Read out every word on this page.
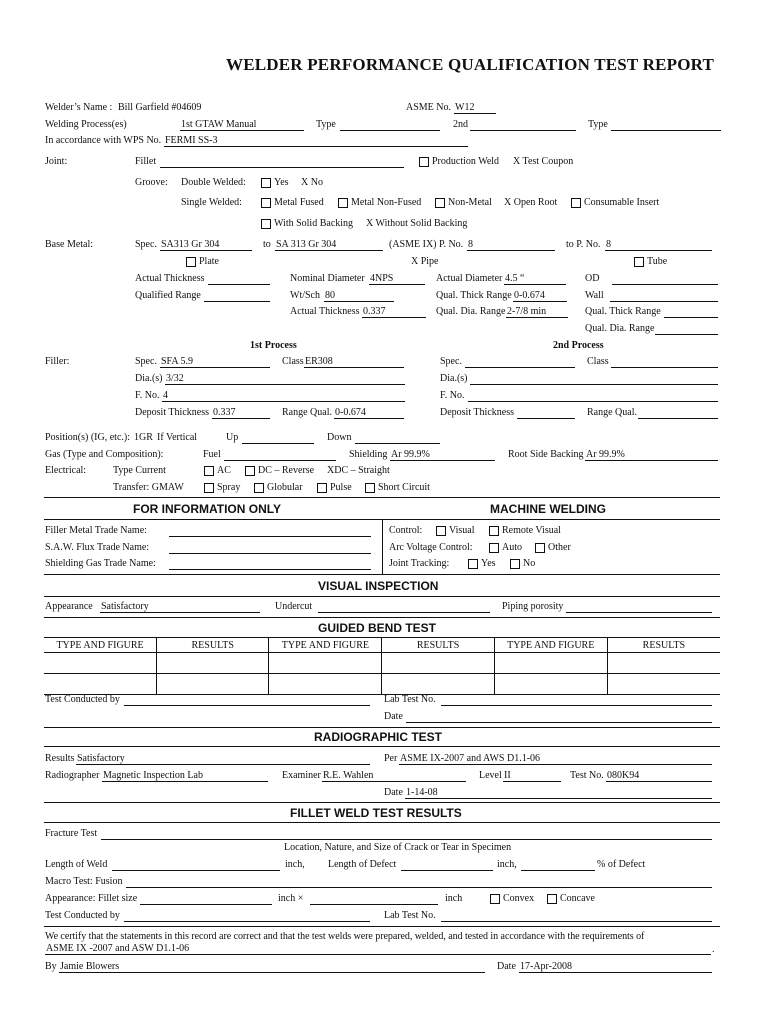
WELDER PERFORMANCE QUALIFICATION TEST REPORT
Welder’s Name : Bill Garfield #04609	ASME No. W12
Welding Process(es)	1st GTAW Manual	Type	2nd	Type
In accordance with WPS No. FERMI SS-3
Joint:	Fillet	Production Weld X Test Coupon
Groove: Double Welded:	Yes X No
Single Welded:	Metal Fused	Metal Non-Fused	Non-Metal X Open Root	Consumable Insert
With Solid Backing X Without Solid Backing
Base Metal:	Spec. SA313 Gr 304	to SA 313 Gr 304	(ASME IX) P. No. 8	to P. No. 8
Plate	X Pipe	Tube
Actual Thickness	Nominal Diameter 4NPS	Actual Diameter 4.5 “	OD
Qualified Range	Wt/Sch 80	Qual. Thick Range 0-0.674	Wall
Actual Thickness 0.337	Qual. Dia. Range 2-7/8 min	Qual. Thick Range
Qual. Dia. Range
1st Process	2nd Process
Filler:	Spec. SFA 5.9	Class ER308	Spec.	Class
Dia.(s) 3/32	Dia.(s)
F. No. 4	F. No.
Deposit Thickness 0.337	Range Qual. 0-0.674	Deposit Thickness	Range Qual.
Position(s) (IG, etc.): 1GR If Vertical	Up	Down
Gas (Type and Composition):	Fuel	Shielding Ar 99.9%	Root Side Backing Ar 99.9%
Electrical:	Type Current	AC	DC – Reverse XDC – Straight
Transfer: GMAW	Spray	Globular	Pulse	Short Circuit
FOR INFORMATION ONLY	MACHINE WELDING
Filler Metal Trade Name:
S.A.W. Flux Trade Name:
Shielding Gas Trade Name:
Control:	Visual	Remote Visual
Arc Voltage Control:	Auto	Other
Joint Tracking:	Yes	No
VISUAL INSPECTION
Appearance Satisfactory	Undercut	Piping porosity
GUIDED BEND TEST
TYPE AND FIGURE	RESULTS	TYPE AND FIGURE	RESULTS	TYPE AND FIGURE	RESULTS

Test Conducted by	Lab Test No.
Date
RADIOGRAPHIC TEST
Results Satisfactory	Per ASME IX-2007 and AWS D1.1-06
Radiographer Magnetic Inspection Lab	Examiner R.E. Wahlen	Level II	Test No. 080K94
Date 1-14-08
FILLET WELD TEST RESULTS
Fracture Test
Location, Nature, and Size of Crack or Tear in Specimen
Length of Weld	inch, Length of Defect	inch,	% of Defect
Macro Test: Fusion
Appearance: Fillet size	inch ×	inch	Convex	Concave
Test Conducted by	Lab Test No.
We certify that the statements in this record are correct and that the test welds were prepared, welded, and tested in accordance with the requirements of
ASME IX -2007 and ASW D1.1-06	.
By Jamie Blowers	Date 17-Apr-2008
